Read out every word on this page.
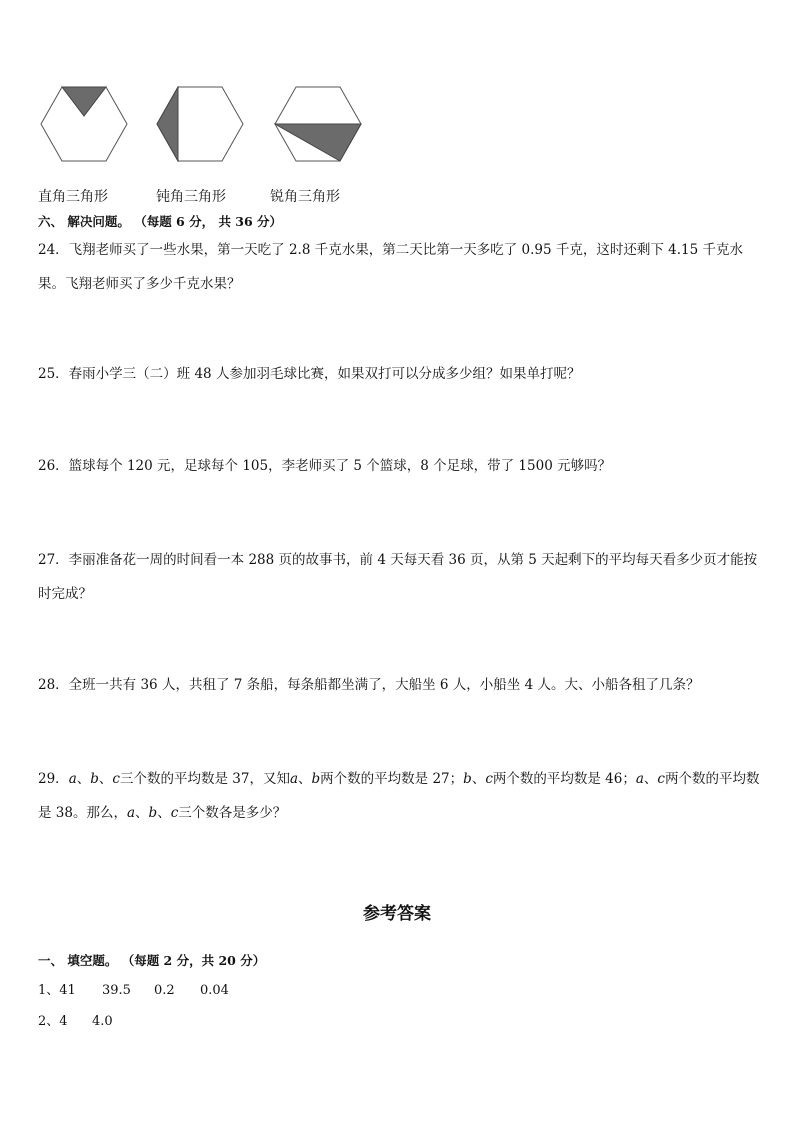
直角三角形	钝角三角形	锐角三角形
六、 解决问题。 （每题 6 分， 共 36 分）
24．飞翔老师买了一些水果，第一天吃了 2.8 千克水果，第二天比第一天多吃了 0.95 千克，这时还剩下 4.15 千克水果。飞翔老师买了多少千克水果？
25．春雨小学三（二）班 48 人参加羽毛球比赛，如果双打可以分成多少组？如果单打呢？
26．篮球每个 120 元，足球每个 105，李老师买了 5 个篮球，8 个足球，带了 1500 元够吗？
27．李丽准备花一周的时间看一本 288 页的故事书，前 4 天每天看 36 页，从第 5 天起剩下的平均每天看多少页才能按时完成？
28．全班一共有 36 人，共租了 7 条船，每条船都坐满了，大船坐 6 人，小船坐 4 人。大、小船各租了几条？
29．a、b、c三个数的平均数是 37，又知a、b两个数的平均数是 27；b、c两个数的平均数是 46；a、c两个数的平均数是 38。那么，a、b、c三个数各是多少？
参考答案
一、 填空题。 （每题 2 分，共 20 分）
1、41 39.5 0.2 0.04
2、4 4.0
